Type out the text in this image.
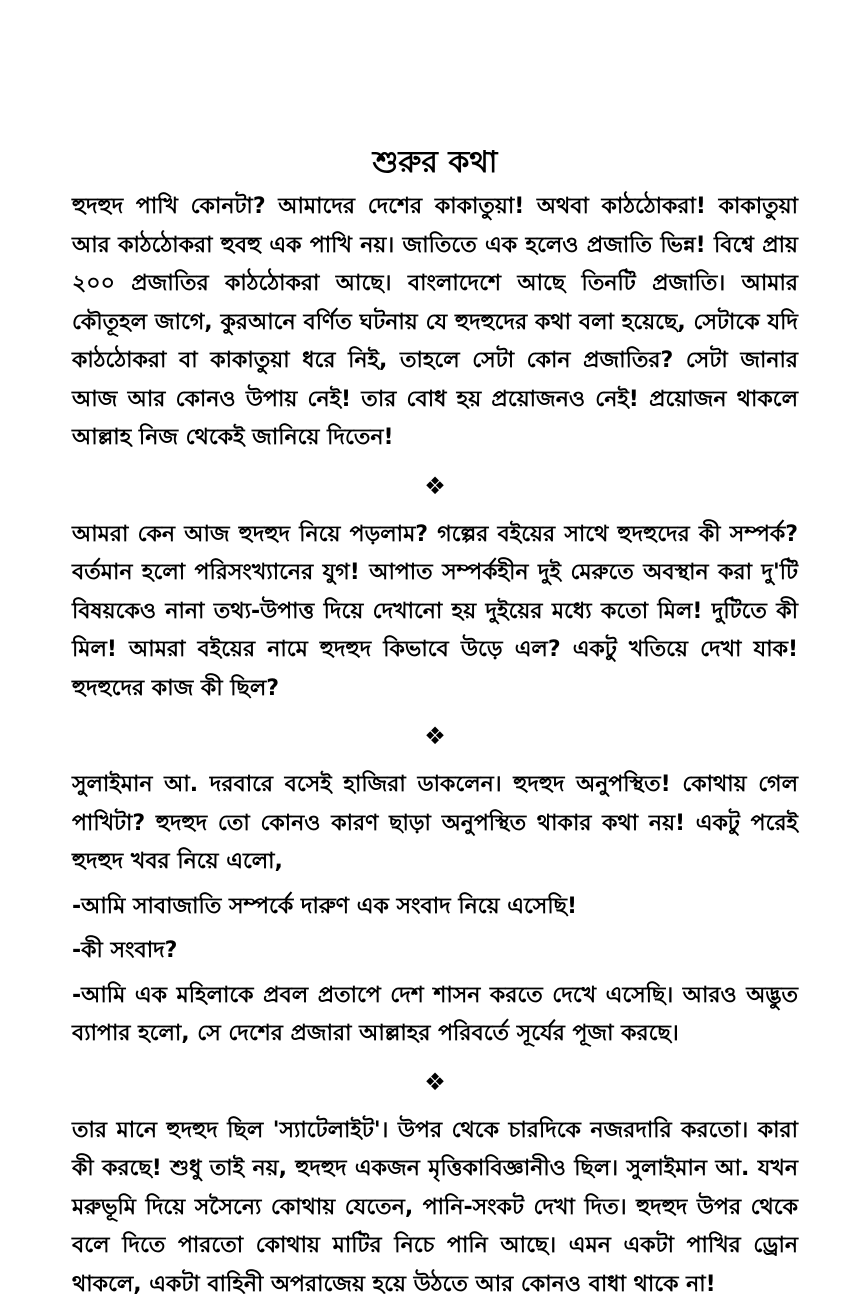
শুরুর কথা

হুদহুদ পাখি কোনটা? আমাদের দেশের কাকাতুয়া! অথবা কাঠঠোকরা! কাকাতুয়া আর কাঠঠোকরা হুবহু এক পাখি নয়। জাতিতে এক হলেও প্রজাতি ভিন্ন! বিশ্বে প্রায় ২০০ প্রজাতির কাঠঠোকরা আছে। বাংলাদেশে আছে তিনটি প্রজাতি। আমার কৌতূহল জাগে, কুরআনে বর্ণিত ঘটনায় যে হুদহুদের কথা বলা হয়েছে, সেটাকে যদি কাঠঠোকরা বা কাকাতুয়া ধরে নিই, তাহলে সেটা কোন প্রজাতির? সেটা জানার আজ আর কোনও উপায় নেই! তার বোধ হয় প্রয়োজনও নেই! প্রয়োজন থাকলে আল্লাহ নিজ থেকেই জানিয়ে দিতেন!

❖

আমরা কেন আজ হুদহুদ নিয়ে পড়লাম? গল্পের বইয়ের সাথে হুদহুদের কী সম্পর্ক? বর্তমান হলো পরিসংখ্যানের যুগ! আপাত সম্পর্কহীন দুই মেরুতে অবস্থান করা দু'টি বিষয়কেও নানা তথ্য-উপাত্ত দিয়ে দেখানো হয় দুইয়ের মধ্যে কতো মিল! দুটিতে কী মিল! আমরা বইয়ের নামে হুদহুদ কিভাবে উড়ে এল? একটু খতিয়ে দেখা যাক! হুদহুদের কাজ কী ছিল?

❖

সুলাইমান আ. দরবারে বসেই হাজিরা ডাকলেন। হুদহুদ অনুপস্থিত! কোথায় গেল পাখিটা? হুদহুদ তো কোনও কারণ ছাড়া অনুপস্থিত থাকার কথা নয়! একটু পরেই হুদহুদ খবর নিয়ে এলো,

-আমি সাবাজাতি সম্পর্কে দারুণ এক সংবাদ নিয়ে এসেছি!

-কী সংবাদ?

-আমি এক মহিলাকে প্রবল প্রতাপে দেশ শাসন করতে দেখে এসেছি। আরও অদ্ভুত ব্যাপার হলো, সে দেশের প্রজারা আল্লাহর পরিবর্তে সূর্যের পূজা করছে।

❖

তার মানে হুদহুদ ছিল 'স্যাটেলাইট'। উপর থেকে চারদিকে নজরদারি করতো। কারা কী করছে! শুধু তাই নয়, হুদহুদ একজন মৃত্তিকাবিজ্ঞানীও ছিল। সুলাইমান আ. যখন মরুভূমি দিয়ে সসৈন্যে কোথায় যেতেন, পানি-সংকট দেখা দিত। হুদহুদ উপর থেকে বলে দিতে পারতো কোথায় মাটির নিচে পানি আছে। এমন একটা পাখির ড্রোন থাকলে, একটা বাহিনী অপরাজেয় হয়ে উঠতে আর কোনও বাধা থাকে না!
